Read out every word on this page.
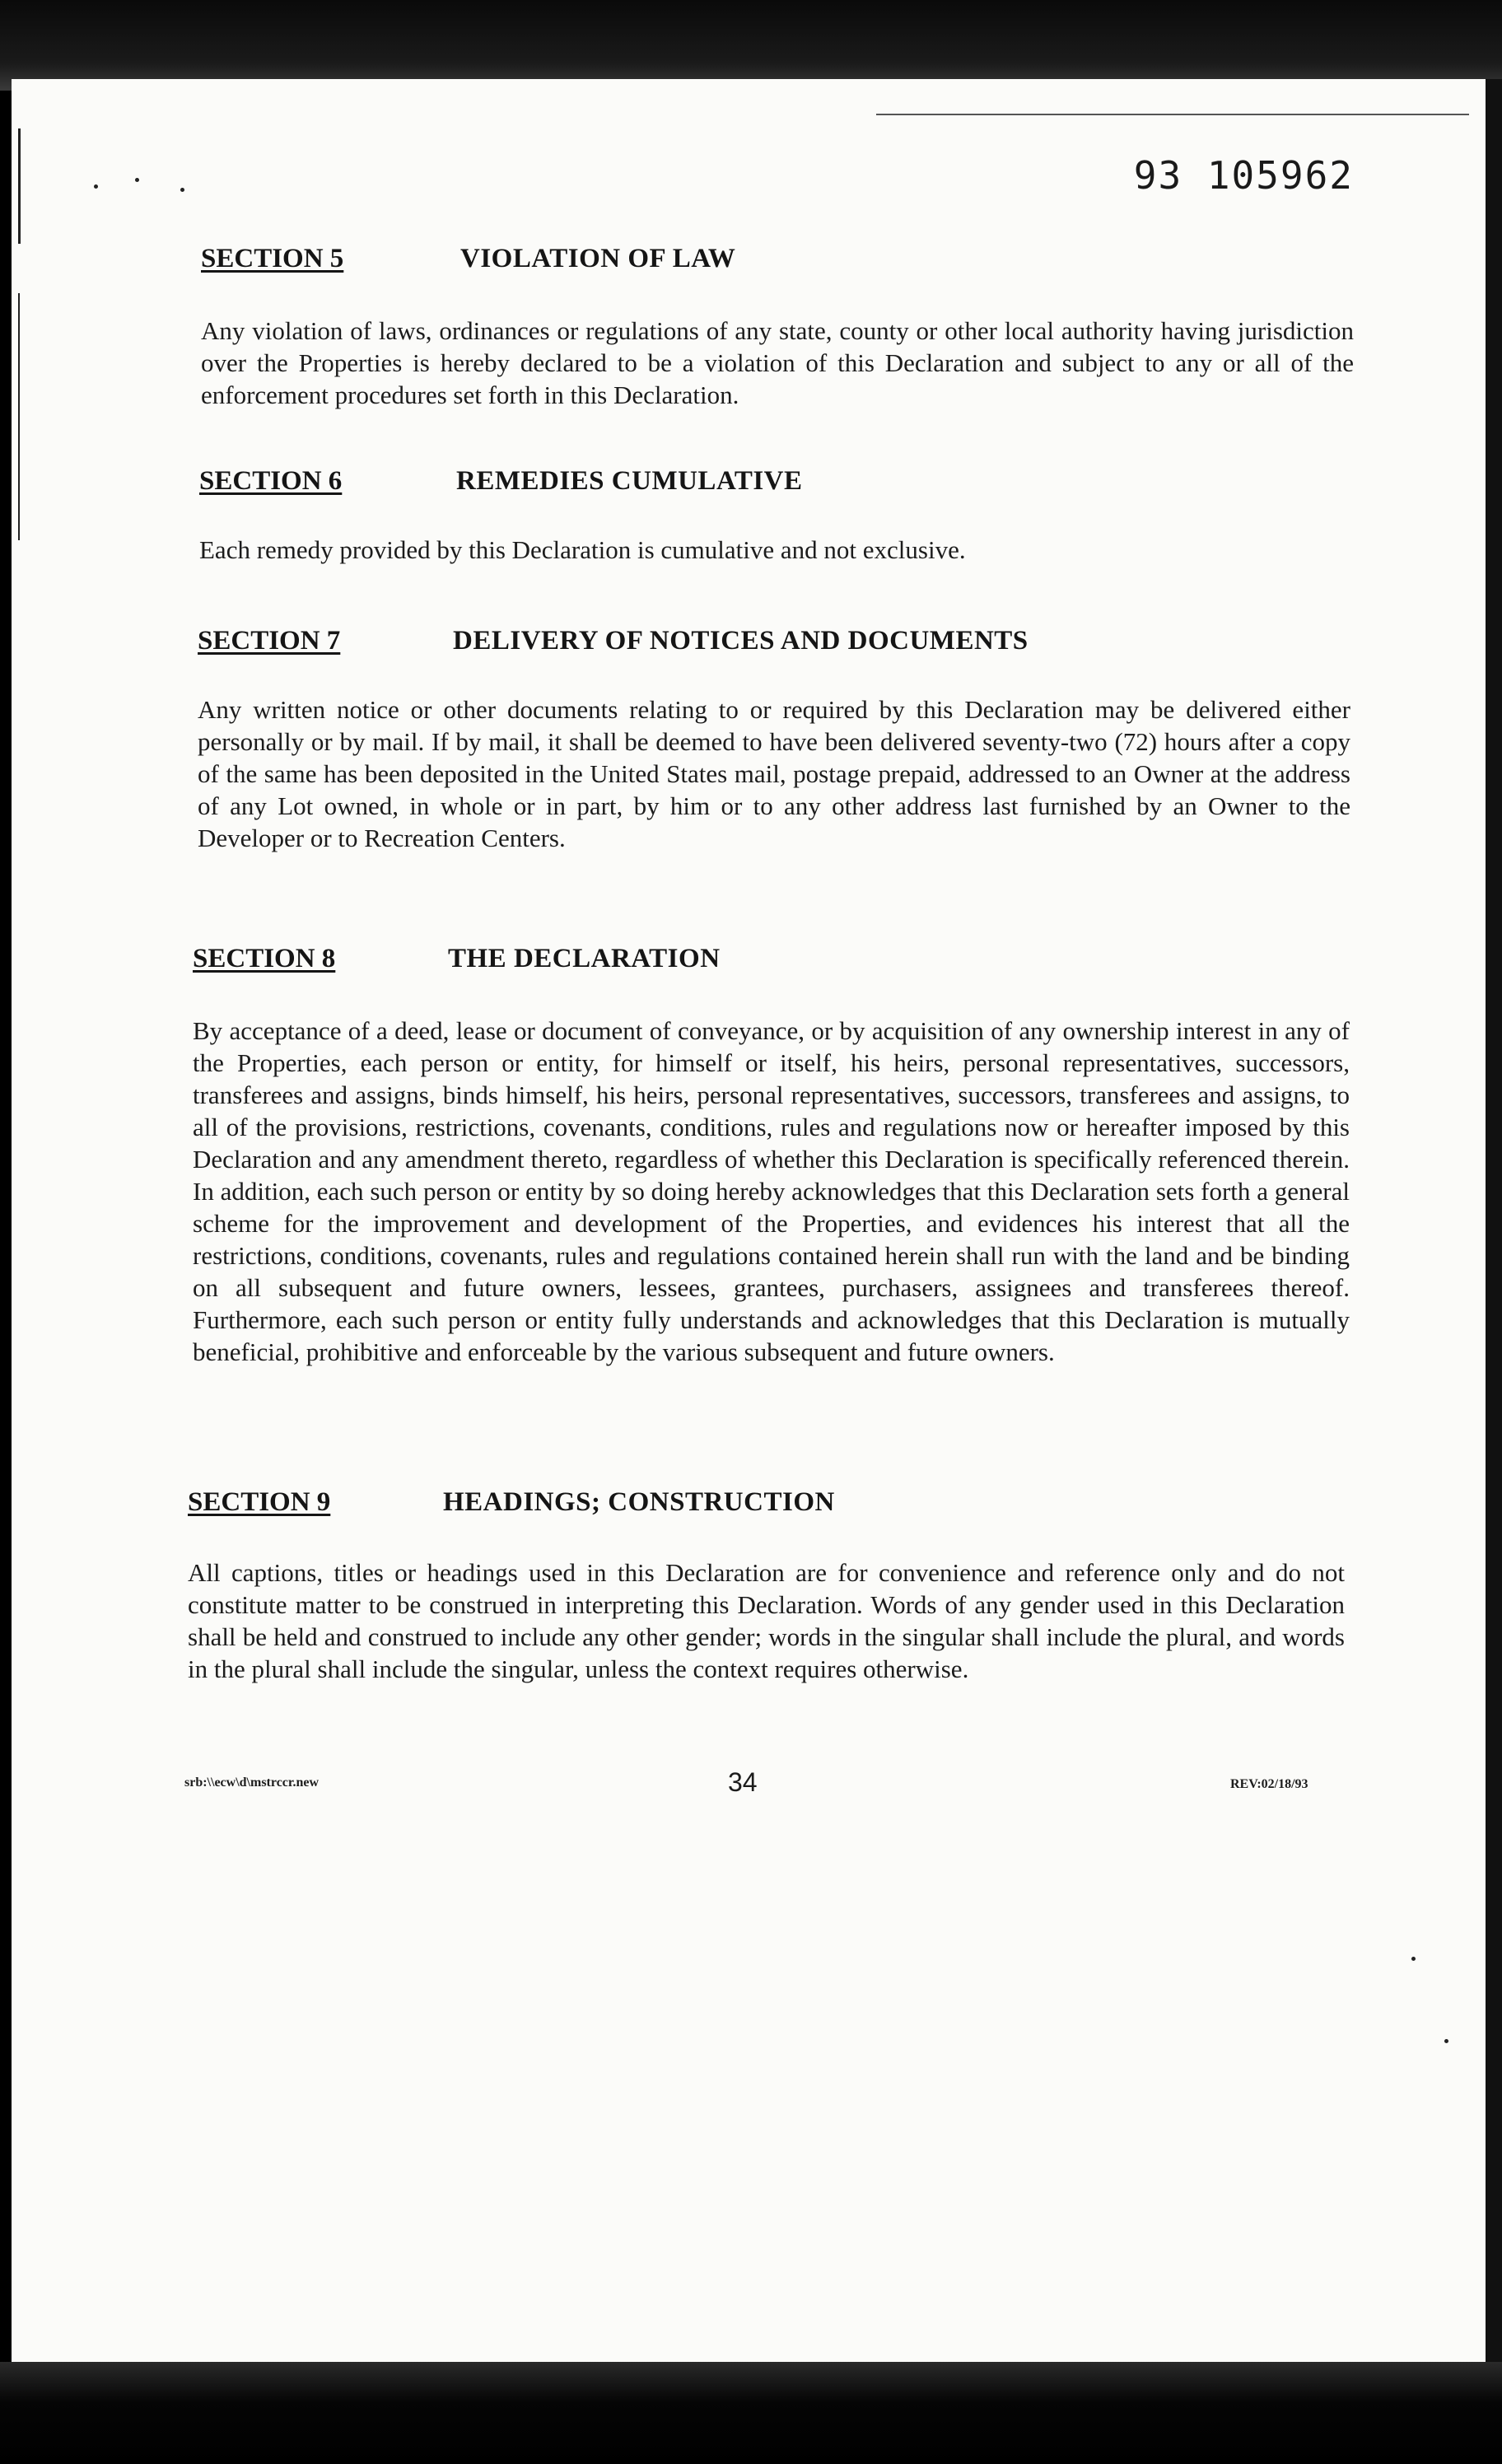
93 105962
SECTION 5	VIOLATION OF LAW
Any violation of laws, ordinances or regulations of any state, county or other local authority having jurisdiction over the Properties is hereby declared to be a violation of this Declaration and subject to any or all of the enforcement procedures set forth in this Declaration.
SECTION 6	REMEDIES CUMULATIVE
Each remedy provided by this Declaration is cumulative and not exclusive.
SECTION 7	DELIVERY OF NOTICES AND DOCUMENTS
Any written notice or other documents relating to or required by this Declaration may be delivered either personally or by mail. If by mail, it shall be deemed to have been delivered seventy-two (72) hours after a copy of the same has been deposited in the United States mail, postage prepaid, addressed to an Owner at the address of any Lot owned, in whole or in part, by him or to any other address last furnished by an Owner to the Developer or to Recreation Centers.
SECTION 8	THE DECLARATION
By acceptance of a deed, lease or document of conveyance, or by acquisition of any ownership interest in any of the Properties, each person or entity, for himself or itself, his heirs, personal representatives, successors, transferees and assigns, binds himself, his heirs, personal representatives, successors, transferees and assigns, to all of the provisions, restrictions, covenants, conditions, rules and regulations now or hereafter imposed by this Declaration and any amendment thereto, regardless of whether this Declaration is specifically referenced therein. In addition, each such person or entity by so doing hereby acknowledges that this Declaration sets forth a general scheme for the improvement and development of the Properties, and evidences his interest that all the restrictions, conditions, covenants, rules and regulations contained herein shall run with the land and be binding on all subsequent and future owners, lessees, grantees, purchasers, assignees and transferees thereof. Furthermore, each such person or entity fully understands and acknowledges that this Declaration is mutually beneficial, prohibitive and enforceable by the various subsequent and future owners.
SECTION 9	HEADINGS; CONSTRUCTION
All captions, titles or headings used in this Declaration are for convenience and reference only and do not constitute matter to be construed in interpreting this Declaration. Words of any gender used in this Declaration shall be held and construed to include any other gender; words in the singular shall include the plural, and words in the plural shall include the singular, unless the context requires otherwise.
srb:\\ecw\d\mstrccr.new	34	REV:02/18/93
